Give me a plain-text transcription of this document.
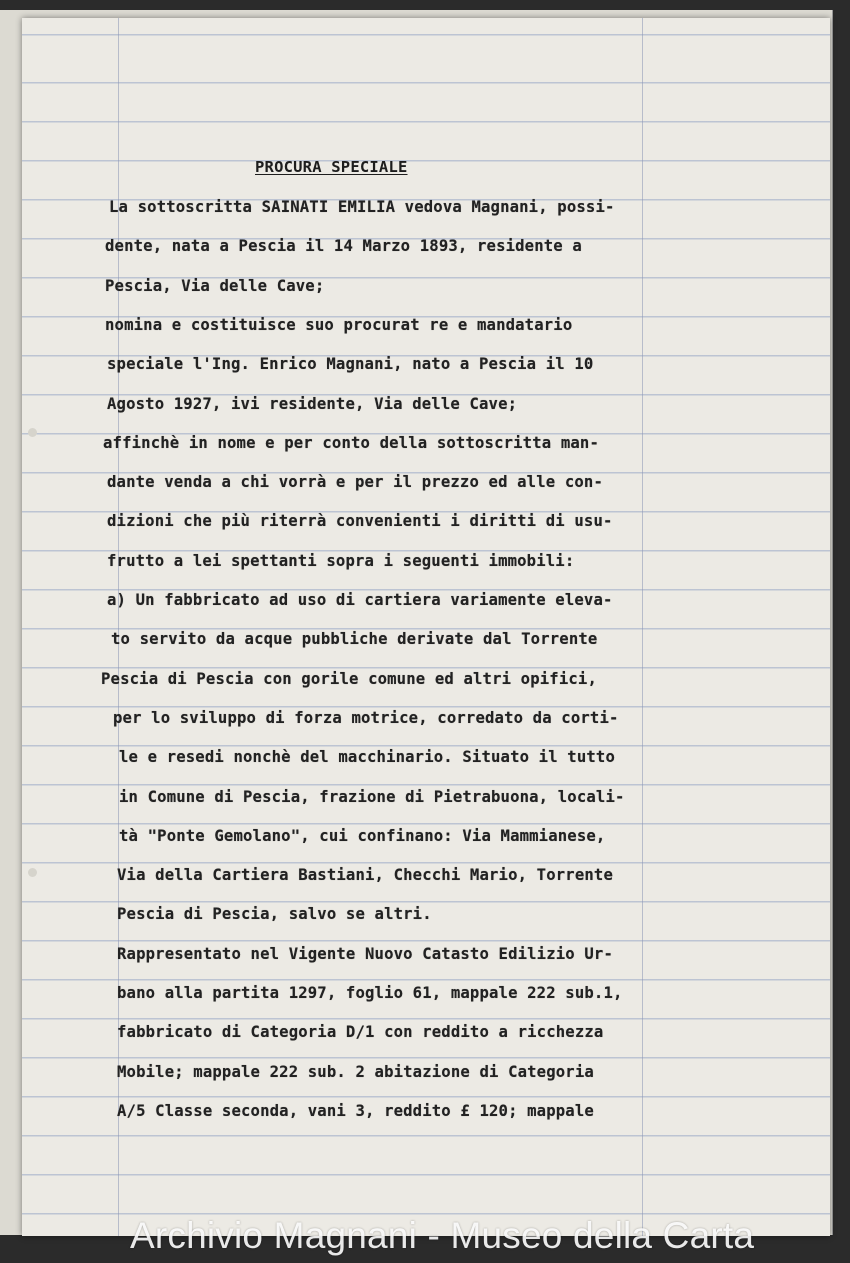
PROCURA SPECIALE
La sottoscritta SAINATI EMILIA vedova Magnani, possi-
dente, nata a Pescia il 14 Marzo 1893, residente a
Pescia, Via delle Cave;
nomina e costituisce suo procurat re e mandatario
speciale l'Ing. Enrico Magnani, nato a Pescia il 10
Agosto 1927, ivi residente, Via delle Cave;
affinchè in nome e per conto della sottoscritta man-
dante venda a chi vorrà e per il prezzo ed alle con-
dizioni che più riterrà convenienti i diritti di usu-
frutto a lei spettanti sopra i seguenti immobili:
a) Un fabbricato ad uso di cartiera variamente eleva-
to servito da acque pubbliche derivate dal Torrente
Pescia di Pescia con gorile comune ed altri opifici,
per lo sviluppo di forza motrice, corredato da corti-
le e resedi nonchè del macchinario. Situato il tutto
in Comune di Pescia, frazione di Pietrabuona, locali-
tà "Ponte Gemolano", cui confinano: Via Mammianese,
Via della Cartiera Bastiani, Checchi Mario, Torrente
Pescia di Pescia, salvo se altri.
Rappresentato nel Vigente Nuovo Catasto Edilizio Ur-
bano alla partita 1297, foglio 61, mappale 222 sub.1,
fabbricato di Categoria D/1 con reddito a ricchezza
Mobile; mappale 222 sub. 2 abitazione di Categoria
A/5 Classe seconda, vani 3, reddito £ 120; mappale
Archivio Magnani - Museo della Carta
